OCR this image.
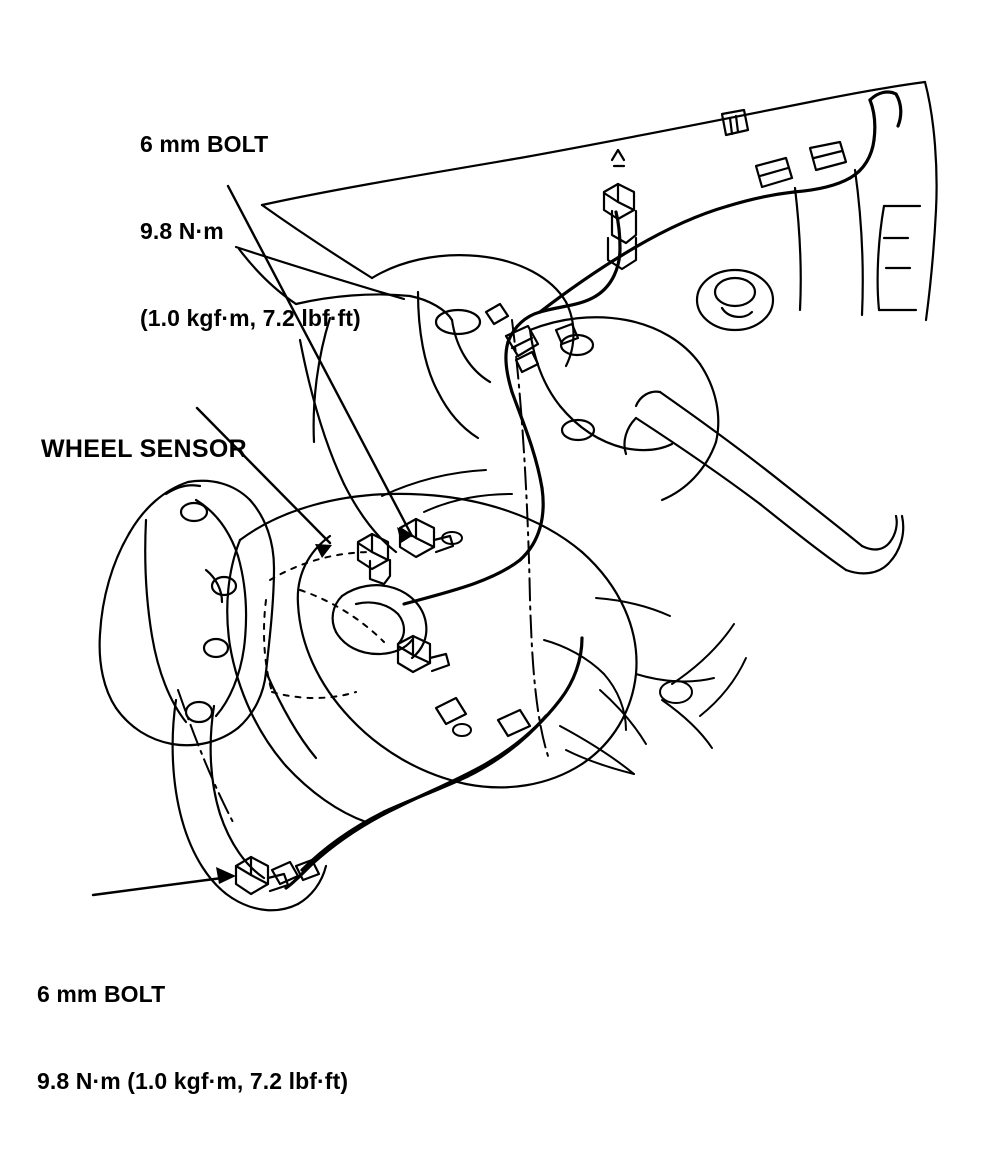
6 mm BOLT

9.8 N·m

(1.0 kgf·m, 7.2 lbf·ft)

WHEEL SENSOR

6 mm BOLT

9.8 N·m (1.0 kgf·m, 7.2 lbf·ft)
